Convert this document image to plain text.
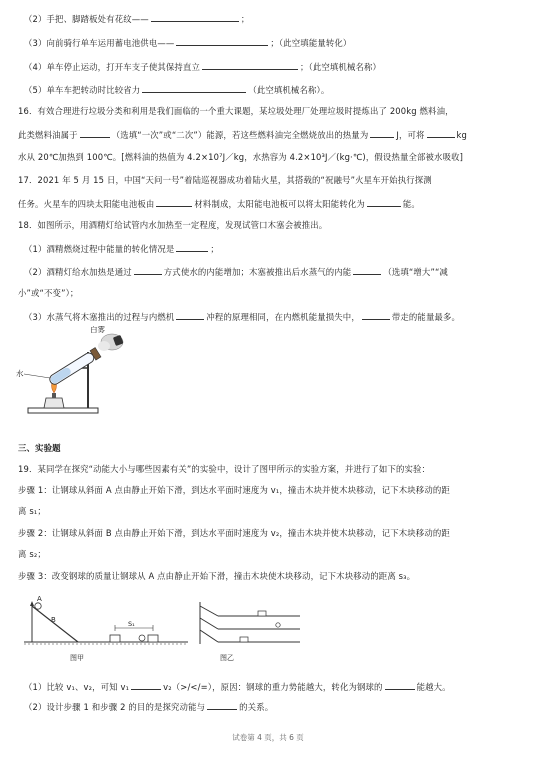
（2）手把、脚踏板处有花纹——	；
（3）向前骑行单车运用蓄电池供电——	；（此空填能量转化）
（4）单车停止运动，打开车支子使其保持直立	；（此空填机械名称）
（5）单车车把转动时比较省力	（此空填机械名称）。
16．有效合理进行垃圾分类和利用是我们面临的一个重大课题，某垃圾处理厂处理垃圾时提炼出了 200kg 燃料油，
此类燃料油属于	（选填“一次”或“二次”）能源，若这些燃料油完全燃烧放出的热量为	J，可将	kg
水从 20℃加热到 100℃。[燃料油的热值为 4.2×10⁷J／kg，水热容为 4.2×10³J／(kg·℃)，假设热量全部被水吸收]
17．2021 年 5 月 15 日，中国“天问一号”着陆巡视器成功着陆火星，其搭载的“祝融号”火星车开始执行探测
任务。火星车的四块太阳能电池板由	材料制成，太阳能电池板可以将太阳能转化为	能。
18．如图所示，用酒精灯给试管内水加热至一定程度，发现试管口木塞会被推出。
（1）酒精燃烧过程中能量的转化情况是	；
（2）酒精灯给水加热是通过	方式使水的内能增加；木塞被推出后水蒸气的内能	（选填“增大”“减
小”或“不变”）；
（3）水蒸气将木塞推出的过程与内燃机	冲程的原理相同，在内燃机能量损失中，	带走的能量最多。
白雾
水
三、实验题
19．某同学在探究“动能大小与哪些因素有关”的实验中，设计了图甲所示的实验方案，并进行了如下的实验：
步骤 1：让钢球从斜面 A 点由静止开始下滑，到达水平面时速度为 v₁，撞击木块并使木块移动，记下木块移动的距
离 s₁；
步骤 2：让钢球从斜面 B 点由静止开始下滑，到达水平面时速度为 v₂，撞击木块并使木块移动，记下木块移动的距
离 s₂；
步骤 3：改变钢球的质量让钢球从 A 点由静止开始下滑，撞击木块使木块移动，记下木块移动的距离 s₃。
A
B	S₁
图甲	图乙
（1）比较 v₁、v₂，可知 v₁	v₂（>/</=），原因：钢球的重力势能越大，转化为钢球的	能越大。
（2）设计步骤 1 和步骤 2 的目的是探究动能与	的关系。
试卷第 4 页，共 6 页
